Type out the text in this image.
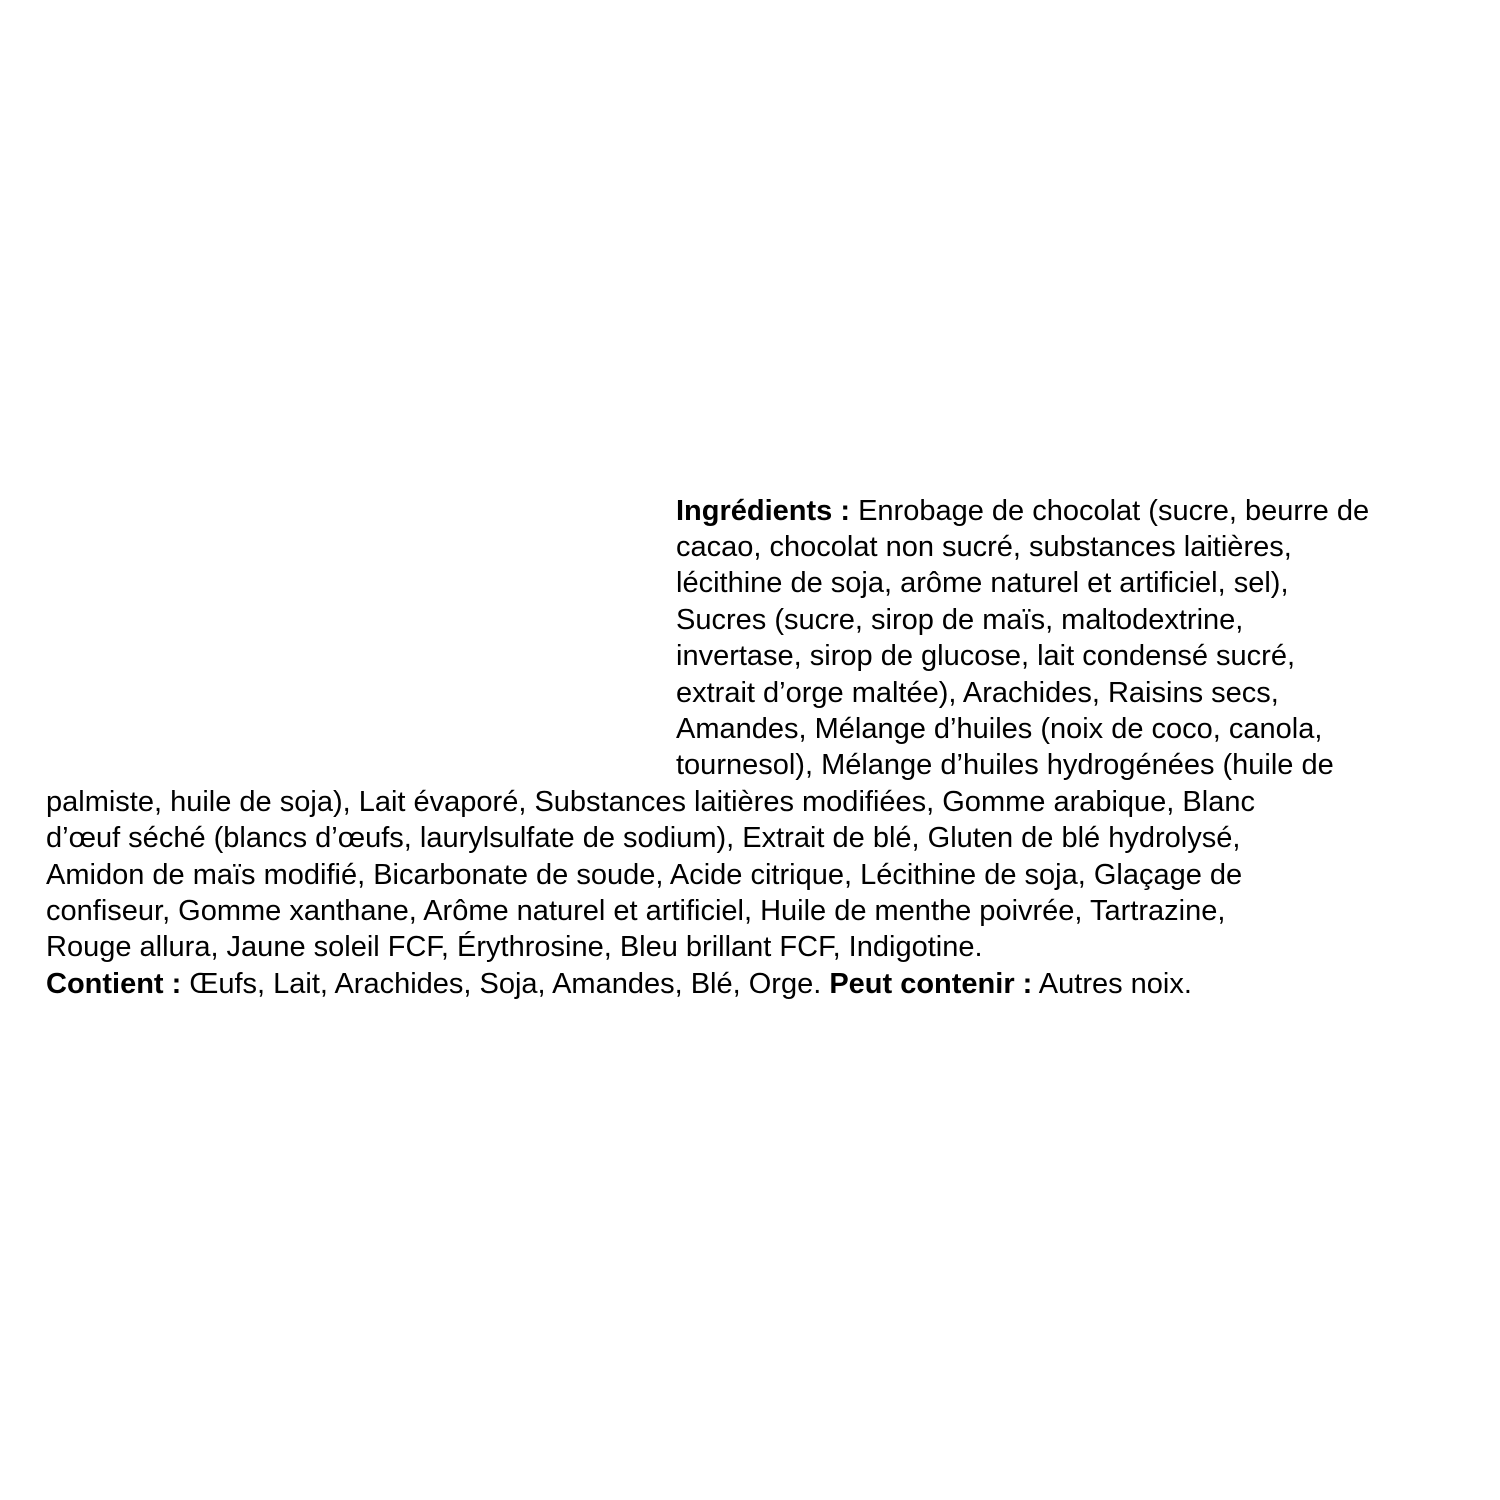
Ingrédients : Enrobage de chocolat (sucre, beurre de
cacao, chocolat non sucré, substances laitières,
lécithine de soja, arôme naturel et artificiel, sel),
Sucres (sucre, sirop de maïs, maltodextrine,
invertase, sirop de glucose, lait condensé sucré,
extrait d’orge maltée), Arachides, Raisins secs,
Amandes, Mélange d’huiles (noix de coco, canola,
tournesol), Mélange d’huiles hydrogénées (huile de
palmiste, huile de soja), Lait évaporé, Substances laitières modifiées, Gomme arabique, Blanc
d’œuf séché (blancs d’œufs, laurylsulfate de sodium), Extrait de blé, Gluten de blé hydrolysé,
Amidon de maïs modifié, Bicarbonate de soude, Acide citrique, Lécithine de soja, Glaçage de
confiseur, Gomme xanthane, Arôme naturel et artificiel, Huile de menthe poivrée, Tartrazine,
Rouge allura, Jaune soleil FCF, Érythrosine, Bleu brillant FCF, Indigotine.
Contient : Œufs, Lait, Arachides, Soja, Amandes, Blé, Orge. Peut contenir : Autres noix.
